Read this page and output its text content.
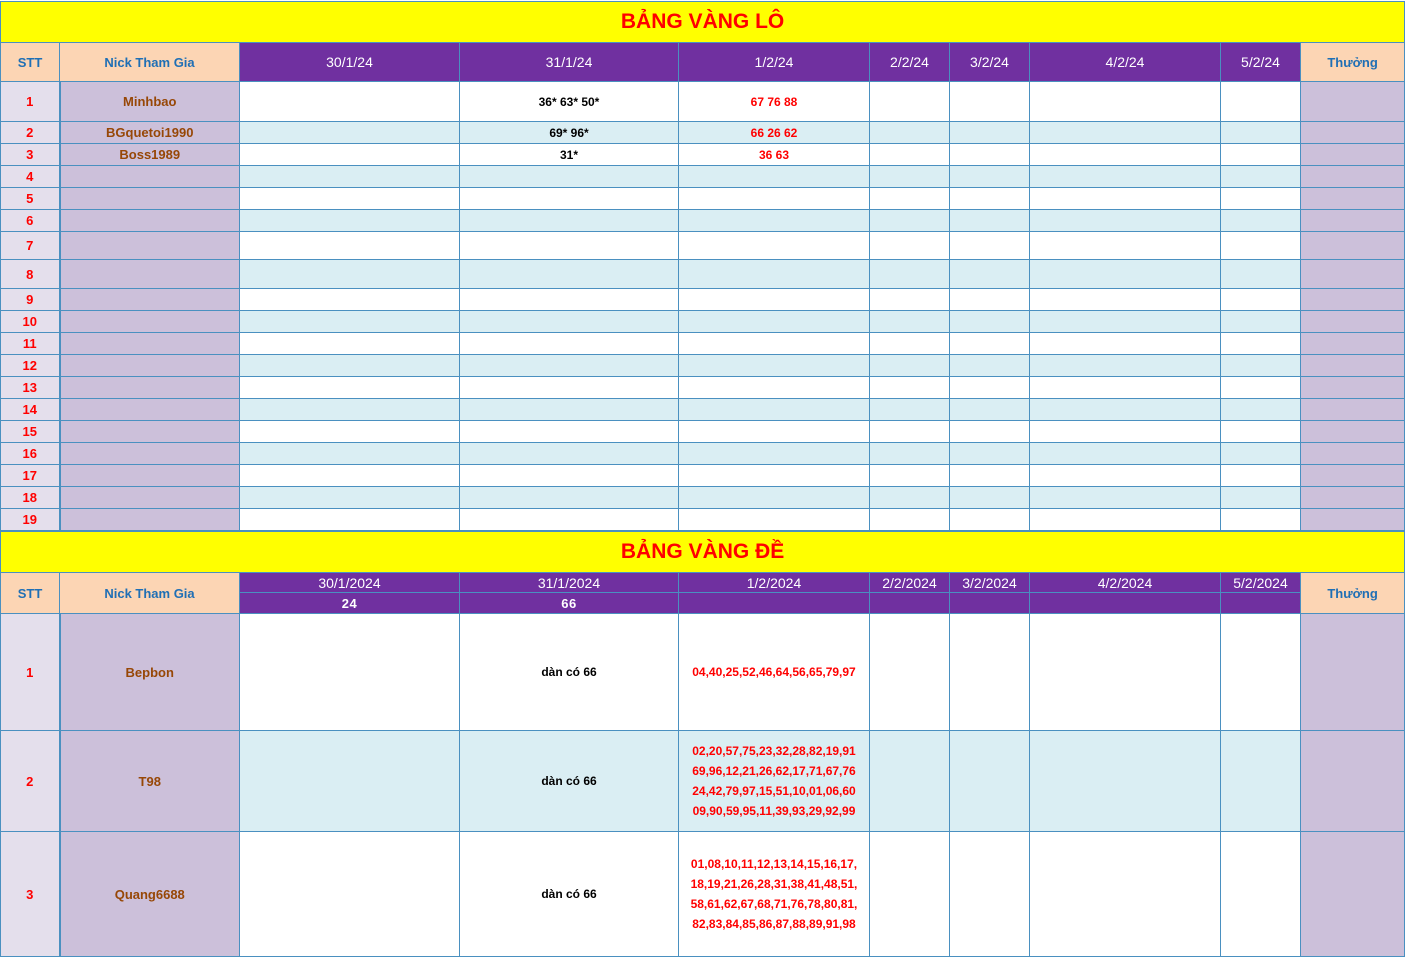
BẢNG VÀNG LÔ									
STT	Nick Tham Gia	30/1/24	31/1/24	1/2/24	2/2/24	3/2/24	4/2/24	5/2/24	Thưởng
1	Minhbao		36* 63* 50*	67 76 88					
2	BGquetoi1990		69* 96*	66 26 62					
3	Boss1989		31*	36 63					
4									
5									
6									
7									
8									
9									
10									
11									
12									
13									
14									
15									
16									
17									
18									
19									
BẢNG VÀNG ĐỀ									
STT	Nick Tham Gia	30/1/2024	31/1/2024	1/2/2024	2/2/2024	3/2/2024	4/2/2024	5/2/2024	Thưởng
		24	66						
1	Bepbon		dàn có 66	04,40,25,52,46,64,56,65,79,97					

2	T98		dàn có 66	02,20,57,75,23,32,28,82,19,91
69,96,12,21,26,62,17,71,67,76
24,42,79,97,15,51,10,01,06,60
09,90,59,95,11,39,93,29,92,99					

3	Quang6688		dàn có 66	01,08,10,11,12,13,14,15,16,17,
18,19,21,26,28,31,38,41,48,51,
58,61,62,67,68,71,76,78,80,81,
82,83,84,85,86,87,88,89,91,98					
